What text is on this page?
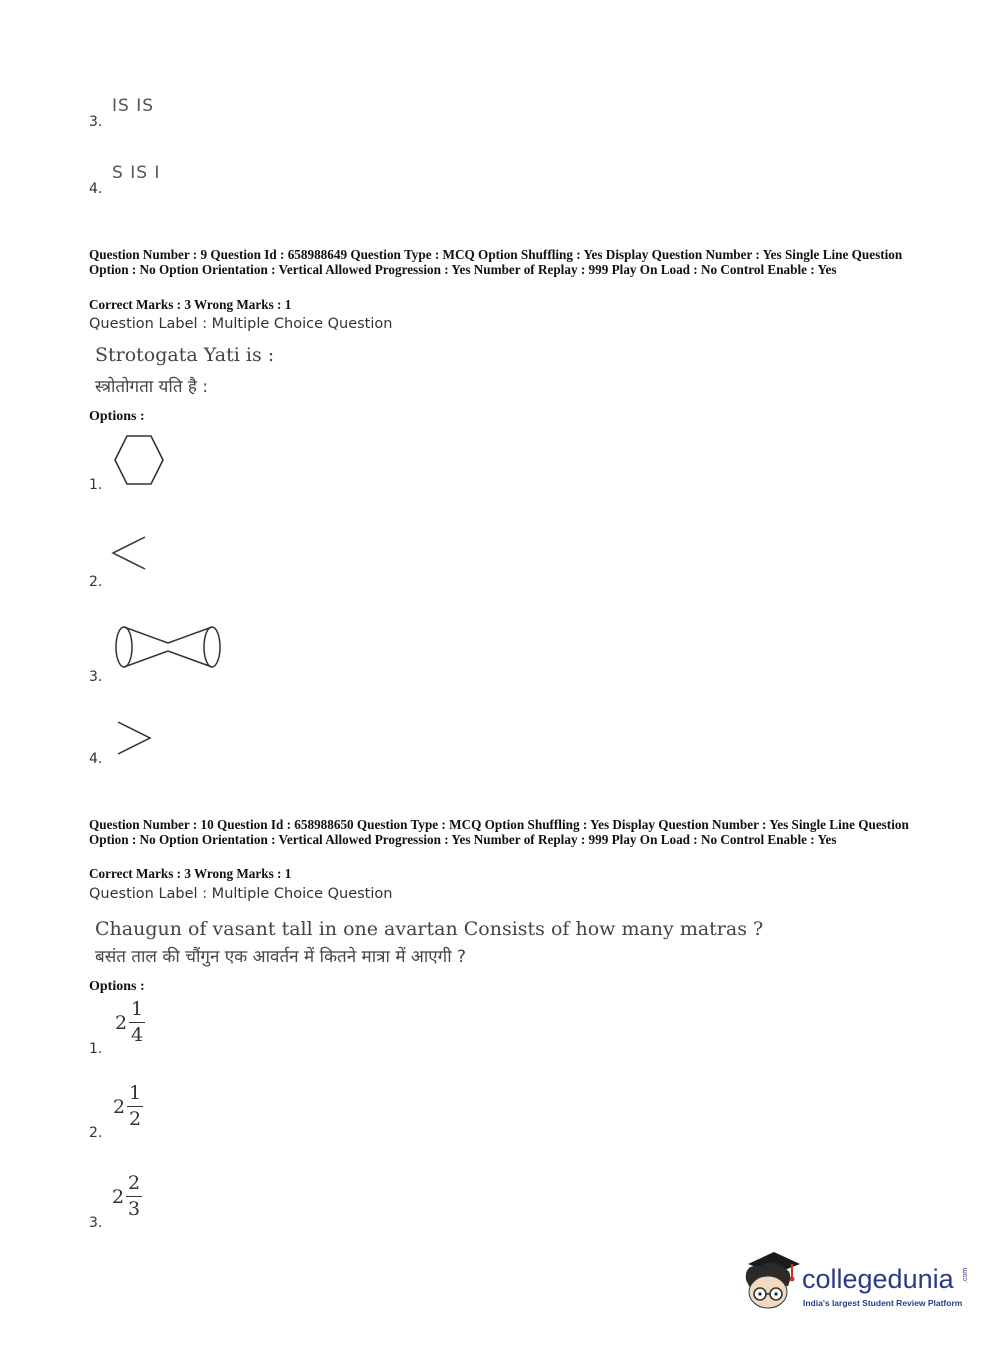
IS IS
3.
S IS I
4.
Question Number : 9 Question Id : 658988649 Question Type : MCQ Option Shuffling : Yes Display Question Number : Yes Single Line Question Option : No Option Orientation : Vertical Allowed Progression : Yes Number of Replay : 999 Play On Load : No Control Enable : Yes
Correct Marks : 3 Wrong Marks : 1
Question Label : Multiple Choice Question
Strotogata Yati is :
स्त्रोतोगता यति है :
Options :
1.
2.
3.
4.
Question Number : 10 Question Id : 658988650 Question Type : MCQ Option Shuffling : Yes Display Question Number : Yes Single Line Question Option : No Option Orientation : Vertical Allowed Progression : Yes Number of Replay : 999 Play On Load : No Control Enable : Yes
Correct Marks : 3 Wrong Marks : 1
Question Label : Multiple Choice Question
Chaugun of vasant tall in one avartan Consists of how many matras ?
बसंत ताल की चौंगुन एक आवर्तन में कितने मात्रा में आएगी ?
Options :
2
1
4
1.
2
1
2
2.
2
2
3
3.
collegedunia .com
India's largest Student Review Platform
